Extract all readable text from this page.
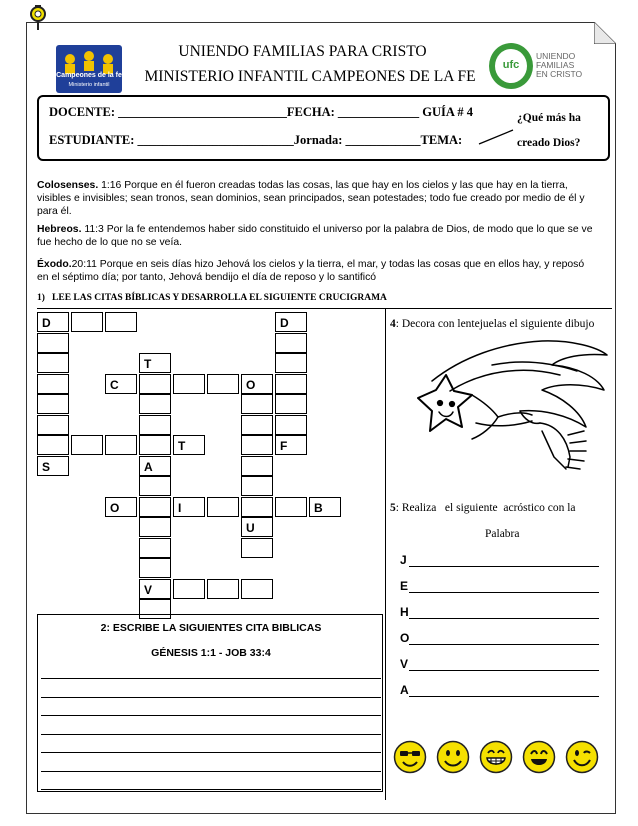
UNIENDO FAMILIAS PARA CRISTO
MINISTERIO INFANTIL CAMPEONES DE LA FE
Campeones de la fe
Ministerio infantil
ufc
UNIENDO
FAMILIAS
EN CRISTO
DOCENTE: ___________________________FECHA: _____________ GUÍA # 4
ESTUDIANTE: _________________________Jornada: ____________TEMA:
¿Qué más ha
creado Dios?
Colosenses. 1:16 Porque en él fueron creadas todas las cosas, las que hay en los cielos y las que hay en la tierra, visibles e invisibles; sean tronos, sean dominios, sean principados, sean potestades; todo fue creado por medio de él y para él.
Hebreos. 11:3 Por la fe entendemos haber sido constituido el universo por la palabra de Dios, de modo que lo que se ve fue hecho de lo que no se veía.
Éxodo.20:11 Porque en seis días hizo Jehová los cielos y la tierra, el mar, y todas las cosas que en ellos hay, y reposó en el séptimo día; por tanto, Jehová bendijo el día de reposo y lo santificó
1)   LEE LAS CITAS BÍBLICAS Y DESARROLLA EL SIGUIENTE CRUCIGRAMA
D	D
T
C	O
T	F
S	A
O	I	B
U
V
2: ESCRIBE LA SIGUIENTES CITA BIBLICAS
GÉNESIS 1:1 - JOB 33:4
4: Decora con lentejuelas el siguiente dibujo
5: Realiza   el siguiente  acróstico con la
Palabra
J
E
H
O
V
A
